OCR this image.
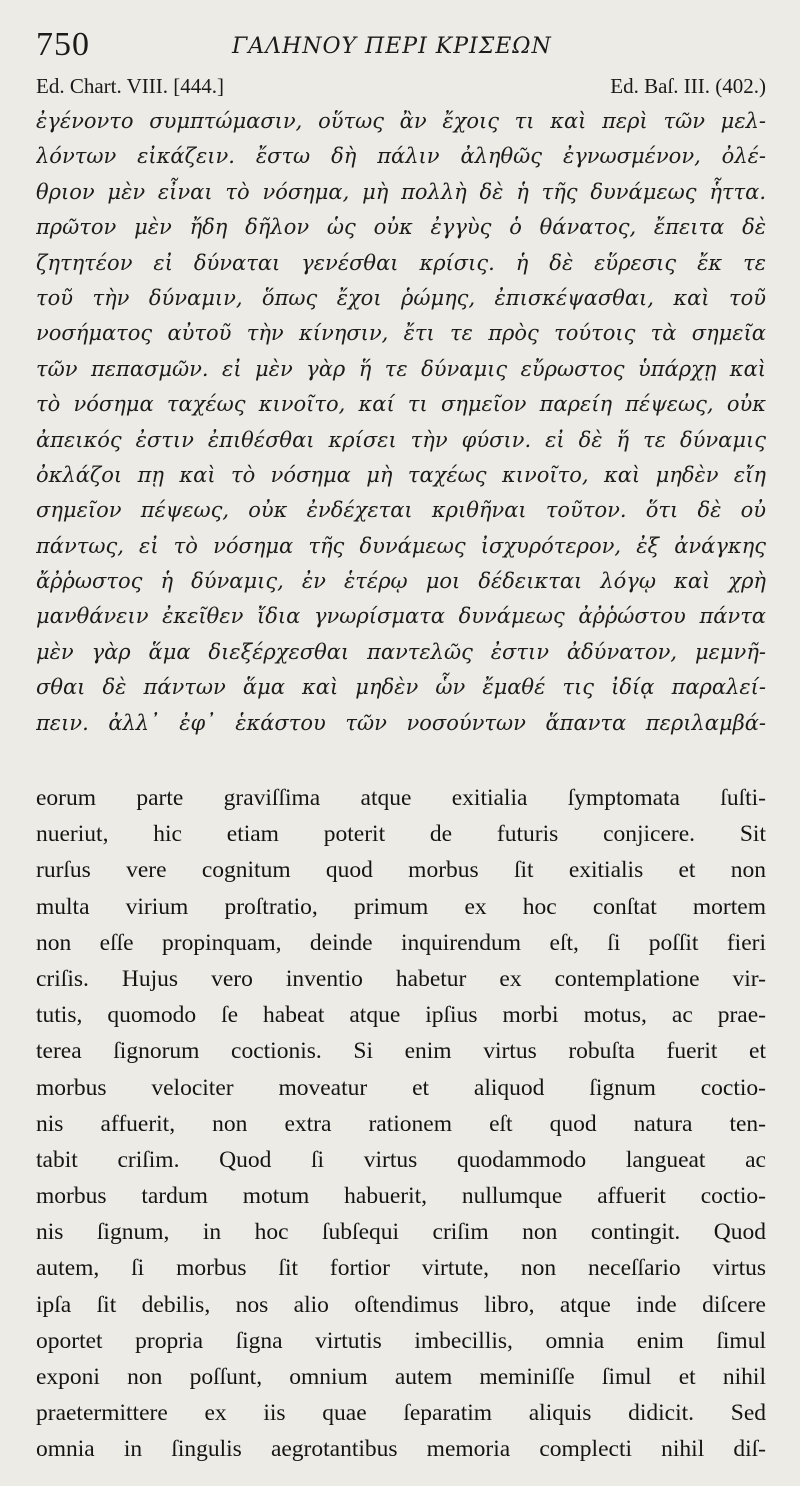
750	ΓΑΛΗΝΟΥ ΠΕΡΙ ΚΡΙΣΕΩΝ
Ed. Chart. VIII. [444.]	Ed. Baſ. III. (402.)
ἐγένοντο συμπτώμασιν, οὕτως ἂν ἔχοις τι καὶ περὶ τῶν μελ-
λόντων εἰκάζειν. ἔστω δὴ πάλιν ἀληθῶς ἐγνωσμένον, ὀλέ-
θριον μὲν εἶναι τὸ νόσημα, μὴ πολλὴ δὲ ἡ τῆς δυνάμεως ἧττα.
πρῶτον μὲν ἤδη δῆλον ὡς οὐκ ἐγγὺς ὁ θάνατος, ἔπειτα δὲ
ζητητέον εἰ δύναται γενέσθαι κρίσις. ἡ δὲ εὕρεσις ἔκ τε
τοῦ τὴν δύναμιν, ὅπως ἔχοι ῥώμης, ἐπισκέψασθαι, καὶ τοῦ
νοσήματος αὐτοῦ τὴν κίνησιν, ἔτι τε πρὸς τούτοις τὰ σημεῖα
τῶν πεπασμῶν. εἰ μὲν γὰρ ἥ τε δύναμις εὔρωστος ὑπάρχῃ καὶ
τὸ νόσημα ταχέως κινοῖτο, καί τι σημεῖον παρείη πέψεως, οὐκ
ἀπεικός ἐστιν ἐπιθέσθαι κρίσει τὴν φύσιν. εἰ δὲ ἥ τε δύναμις
ὀκλάζοι πῃ καὶ τὸ νόσημα μὴ ταχέως κινοῖτο, καὶ μηδὲν εἴη
σημεῖον πέψεως, οὐκ ἐνδέχεται κριθῆναι τοῦτον. ὅτι δὲ οὐ
πάντως, εἰ τὸ νόσημα τῆς δυνάμεως ἰσχυρότερον, ἐξ ἀνάγκης
ἄῤῥωστος ἡ δύναμις, ἐν ἑτέρῳ μοι δέδεικται λόγῳ καὶ χρὴ
μανθάνειν ἐκεῖθεν ἴδια γνωρίσματα δυνάμεως ἀῤῥώστου πάντα
μὲν γὰρ ἅμα διεξέρχεσθαι παντελῶς ἐστιν ἀδύνατον, μεμνῆ-
σθαι δὲ πάντων ἅμα καὶ μηδὲν ὧν ἔμαθέ τις ἰδίᾳ παραλεί-
πειν. ἀλλ᾽ ἐφ᾽ ἑκάστου τῶν νοσούντων ἅπαντα περιλαμβά-
eorum parte graviſſima atque exitialia ſymptomata ſuſti-
nueriut, hic etiam poterit de futuris conjicere. Sit
rurſus vere cognitum quod morbus ſit exitialis et non
multa virium proſtratio, primum ex hoc conſtat mortem
non eſſe propinquam, deinde inquirendum eſt, ſi poſſit fieri
criſis. Hujus vero inventio habetur ex contemplatione vir-
tutis, quomodo ſe habeat atque ipſius morbi motus, ac prae-
terea ſignorum coctionis. Si enim virtus robuſta fuerit et
morbus velociter moveatur et aliquod ſignum coctio-
nis affuerit, non extra rationem eſt quod natura ten-
tabit criſim. Quod ſi virtus quodammodo langueat ac
morbus tardum motum habuerit, nullumque affuerit coctio-
nis ſignum, in hoc ſubſequi criſim non contingit. Quod
autem, ſi morbus ſit fortior virtute, non neceſſario virtus
ipſa ſit debilis, nos alio oſtendimus libro, atque inde diſcere
oportet propria ſigna virtutis imbecillis, omnia enim ſimul
exponi non poſſunt, omnium autem meminiſſe ſimul et nihil
praetermittere ex iis quae ſeparatim aliquis didicit. Sed
omnia in ſingulis aegrotantibus memoria complecti nihil diſ-
